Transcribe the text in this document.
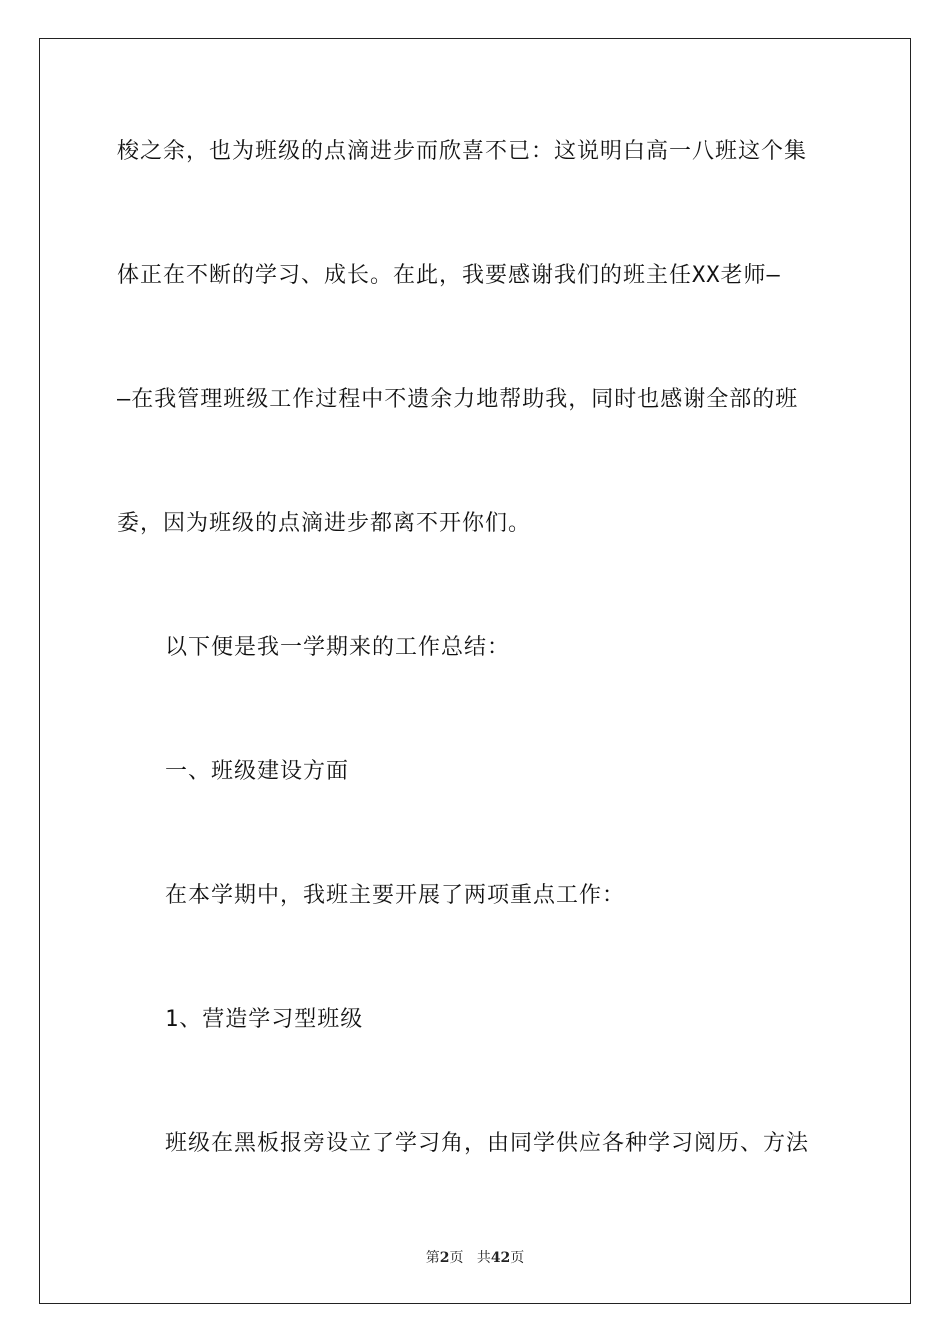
梭之余，也为班级的点滴进步而欣喜不已：这说明白高一八班这个集
体正在不断的学习、成长。在此，我要感谢我们的班主任XX老师—
—在我管理班级工作过程中不遗余力地帮助我，同时也感谢全部的班
委，因为班级的点滴进步都离不开你们。
以下便是我一学期来的工作总结：
一、班级建设方面
在本学期中，我班主要开展了两项重点工作：
1、营造学习型班级
班级在黑板报旁设立了学习角，由同学供应各种学习阅历、方法
第2页 共42页
